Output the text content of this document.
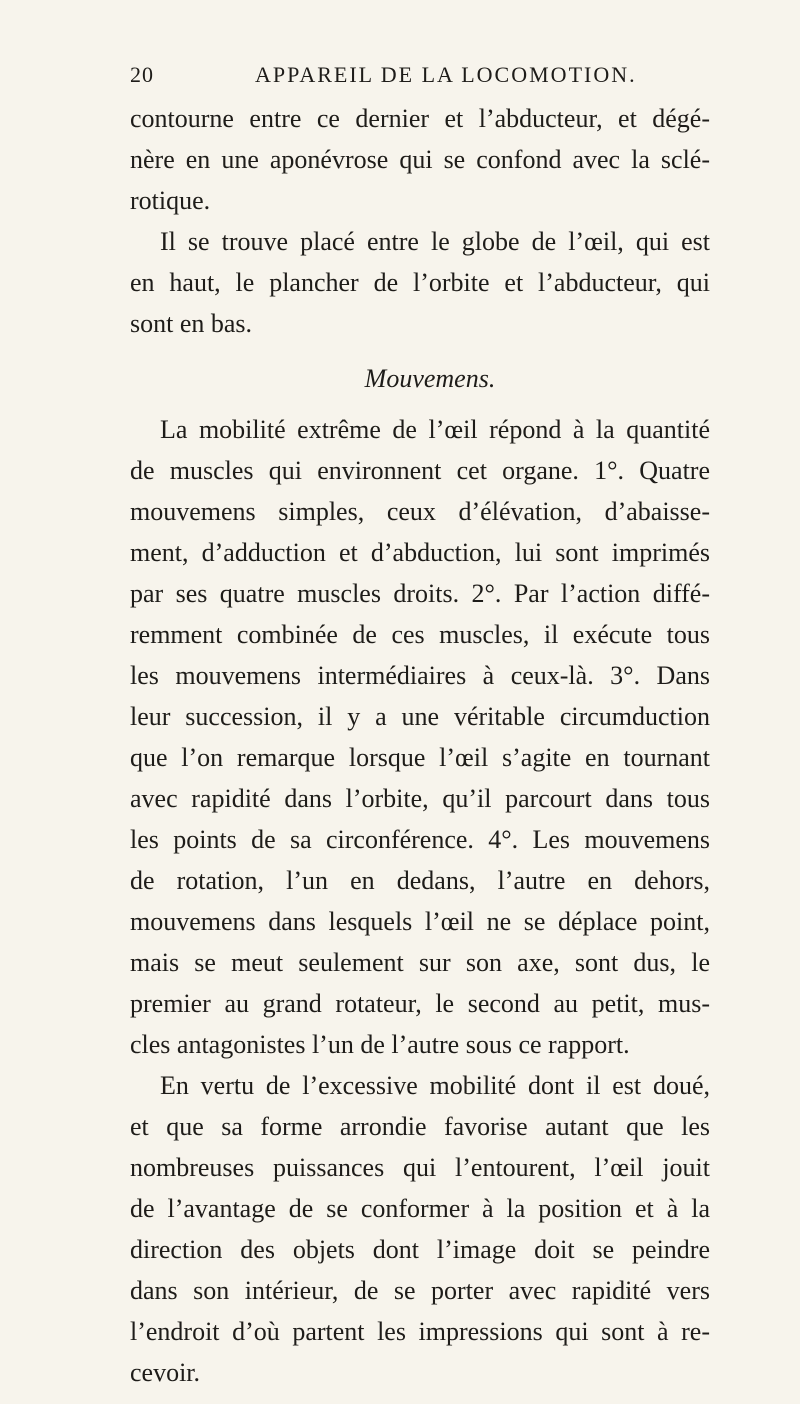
20	APPAREIL DE LA LOCOMOTION.
contourne entre ce dernier et l’abducteur, et dégé-
nère en une aponévrose qui se confond avec la sclé-
rotique.
Il se trouve placé entre le globe de l’œil, qui est
en haut, le plancher de l’orbite et l’abducteur, qui
sont en bas.
Mouvemens.
La mobilité extrême de l’œil répond à la quantité
de muscles qui environnent cet organe. 1°. Quatre
mouvemens simples, ceux d’élévation, d’abaisse-
ment, d’adduction et d’abduction, lui sont imprimés
par ses quatre muscles droits. 2°. Par l’action diffé-
remment combinée de ces muscles, il exécute tous
les mouvemens intermédiaires à ceux-là. 3°. Dans
leur succession, il y a une véritable circumduction
que l’on remarque lorsque l’œil s’agite en tournant
avec rapidité dans l’orbite, qu’il parcourt dans tous
les points de sa circonférence. 4°. Les mouvemens
de rotation, l’un en dedans, l’autre en dehors,
mouvemens dans lesquels l’œil ne se déplace point,
mais se meut seulement sur son axe, sont dus, le
premier au grand rotateur, le second au petit, mus-
cles antagonistes l’un de l’autre sous ce rapport.
En vertu de l’excessive mobilité dont il est doué,
et que sa forme arrondie favorise autant que les
nombreuses puissances qui l’entourent, l’œil jouit
de l’avantage de se conformer à la position et à la
direction des objets dont l’image doit se peindre
dans son intérieur, de se porter avec rapidité vers
l’endroit d’où partent les impressions qui sont à re-
cevoir.
